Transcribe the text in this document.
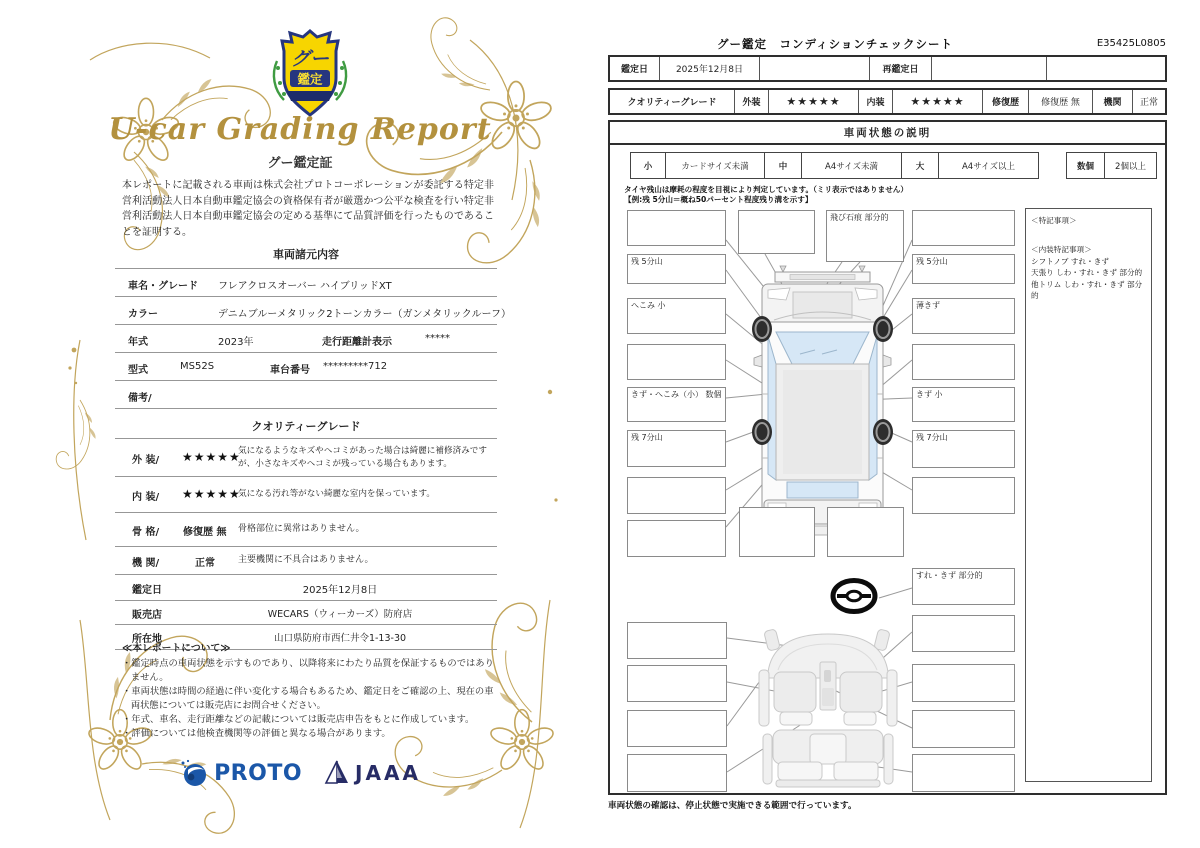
グー
鑑定
U-car Grading Report
グー鑑定証
本レポートに記載される車両は株式会社プロトコーポレーションが委託する特定非営利活動法人日本自動車鑑定協会の資格保有者が厳選かつ公平な検査を行い特定非営利活動法人日本自動車鑑定協会の定める基準にて品質評価を行ったものであることを証明する。
車両諸元内容
車名・グレード フレアクロスオーバー ハイブリッドXT
カラー	デニムブルーメタリック2トーンカラー（ガンメタリックルーフ）
年式	2023年	走行距離計表示	*****
型式	MS52S	車台番号 *********712
備考/
クオリティーグレード
外 装/ ★★★★★
気になるようなキズやヘコミがあった場合は綺麗に補修済みですが、小さなキズやヘコミが残っている場合もあります。
内 装/ ★★★★★
気になる汚れ等がない綺麗な室内を保っています。
骨 格/ 修復歴 無 骨格部位に異常はありません。
機 関/	正常	主要機関に不具合はありません。
鑑定日	2025年12月8日
販売店	WECARS（ウィーカーズ）防府店
所在地	山口県防府市西仁井令1-13-30
≪本レポートについて≫
・鑑定時点の車両状態を示すものであり、以降将来にわたり品質を保証するものではありません。
・車両状態は時間の経過に伴い変化する場合もあるため、鑑定日をご確認の上、現在の車両状態については販売店にお問合せください。
・年式、車名、走行距離などの記載については販売店申告をもとに作成しています。
・評価については他検査機関等の評価と異なる場合があります。
PROTO	JAAA
グー鑑定　コンディションチェックシート	E35425L0805
鑑定日	2025年12月8日	再鑑定日
クオリティーグレード	外装	★★★★★	内装	★★★★★	修復歴	修復歴 無	機関	正常
車両状態の説明
小	カードサイズ未満	中	A4サイズ未満	大	A4サイズ以上	数個	2個以上
タイヤ残山は摩耗の程度を目視により判定しています。（ミリ表示ではありません）
【例:残 5分山＝概ね50パーセント程度残り溝を示す】
残 5分山
へこみ 小
きず・へこみ（小） 数個
残 7分山
飛び石痕 部分的
残 5分山
薄きず
きず 小
残 7分山
すれ・きず 部分的
＜特記事項＞
＜内装特記事項＞
シフトノブ すれ・きず
天張り しわ・すれ・きず 部分的
他トリム しわ・すれ・きず 部分的
車両状態の確認は、停止状態で実施できる範囲で行っています。
